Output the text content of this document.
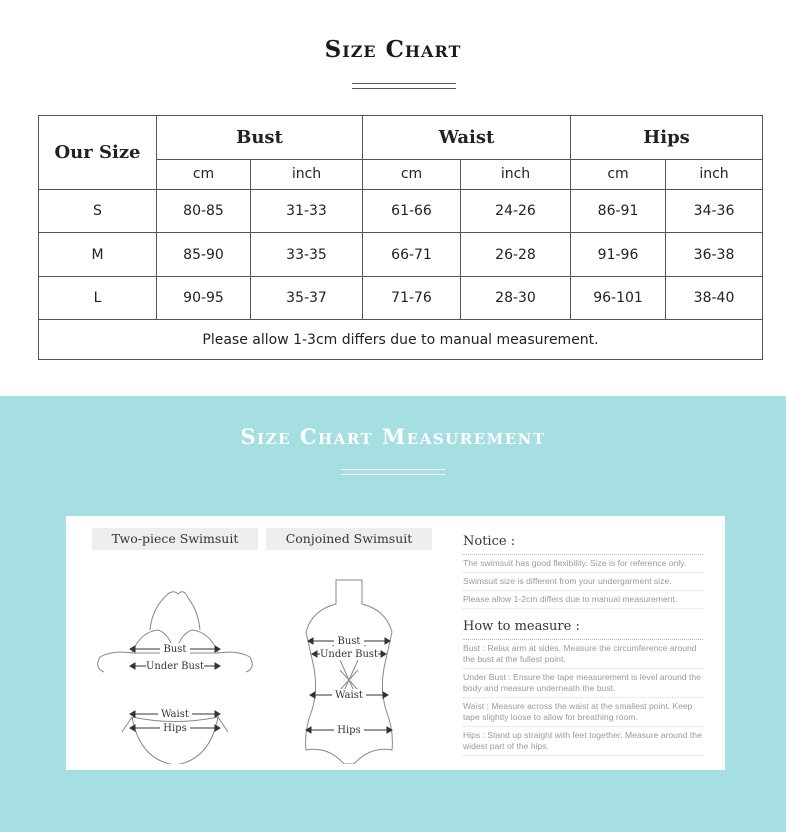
Size Chart
Our Size	Bust		Waist		Hips	
	cm	inch	cm	inch	cm	inch
S	80-85	31-33	61-66	24-26	86-91	34-36
M	85-90	33-35	66-71	26-28	91-96	36-38
L	90-95	35-37	71-76	28-30	96-101	38-40
Please allow 1-3cm differs due to manual measurement.						
Size Chart Measurement
Two-piece Swimsuit
Bust
Under Bust
Waist
Hips
Conjoined Swimsuit
Bust
Under Bust
Waist
Hips
Notice :
The swimsuit has good flexibility. Size is for reference only.
Swimsuit size is different from your undergarment size.
Please allow 1-2cm differs due to manual measurement.
How to measure :
Bust : Relax arm at sides. Measure the circumference around the bust at the fullest point.
Under Bust : Ensure the tape measurement is level around the body and measure underneath the bust.
Waist : Measure across the waist at the smallest point. Keep tape slightly loose to allow for breathing room.
Hips : Stand up straight with feet together. Measure around the widest part of the hips.
